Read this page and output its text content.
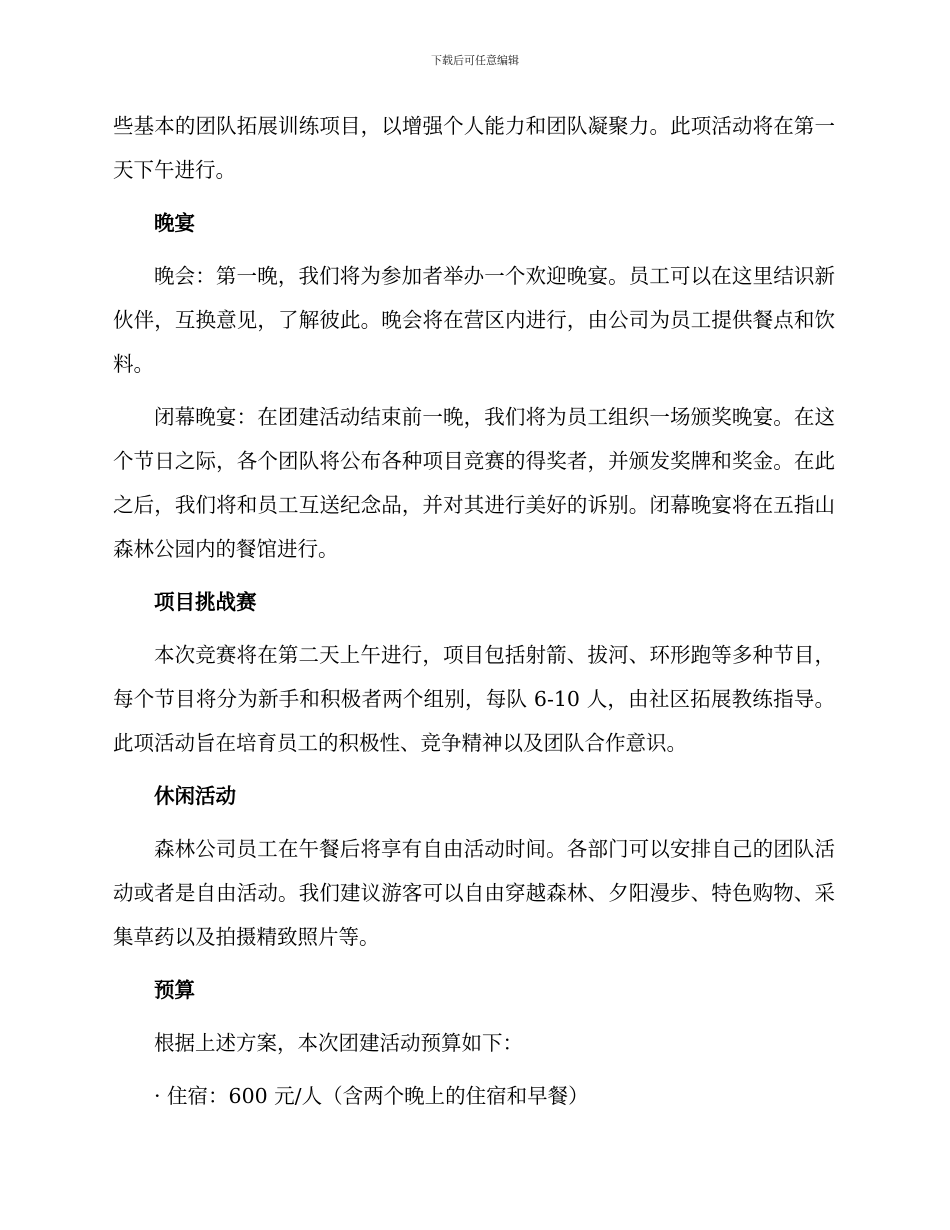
下载后可任意编辑

些基本的团队拓展训练项目，以增强个人能力和团队凝聚力。此项活动将在第一天下午进行。

晚宴

晚会：第一晚，我们将为参加者举办一个欢迎晚宴。员工可以在这里结识新伙伴，互换意见，了解彼此。晚会将在营区内进行，由公司为员工提供餐点和饮料。

闭幕晚宴：在团建活动结束前一晚，我们将为员工组织一场颁奖晚宴。在这个节日之际，各个团队将公布各种项目竞赛的得奖者，并颁发奖牌和奖金。在此之后，我们将和员工互送纪念品，并对其进行美好的诉别。闭幕晚宴将在五指山森林公园内的餐馆进行。

项目挑战赛

本次竞赛将在第二天上午进行，项目包括射箭、拔河、环形跑等多种节目，每个节目将分为新手和积极者两个组别，每队 6-10 人，由社区拓展教练指导。此项活动旨在培育员工的积极性、竞争精神以及团队合作意识。

休闲活动

森林公司员工在午餐后将享有自由活动时间。各部门可以安排自己的团队活动或者是自由活动。我们建议游客可以自由穿越森林、夕阳漫步、特色购物、采集草药以及拍摄精致照片等。

预算

根据上述方案，本次团建活动预算如下：

· 住宿：600 元/人（含两个晚上的住宿和早餐）
